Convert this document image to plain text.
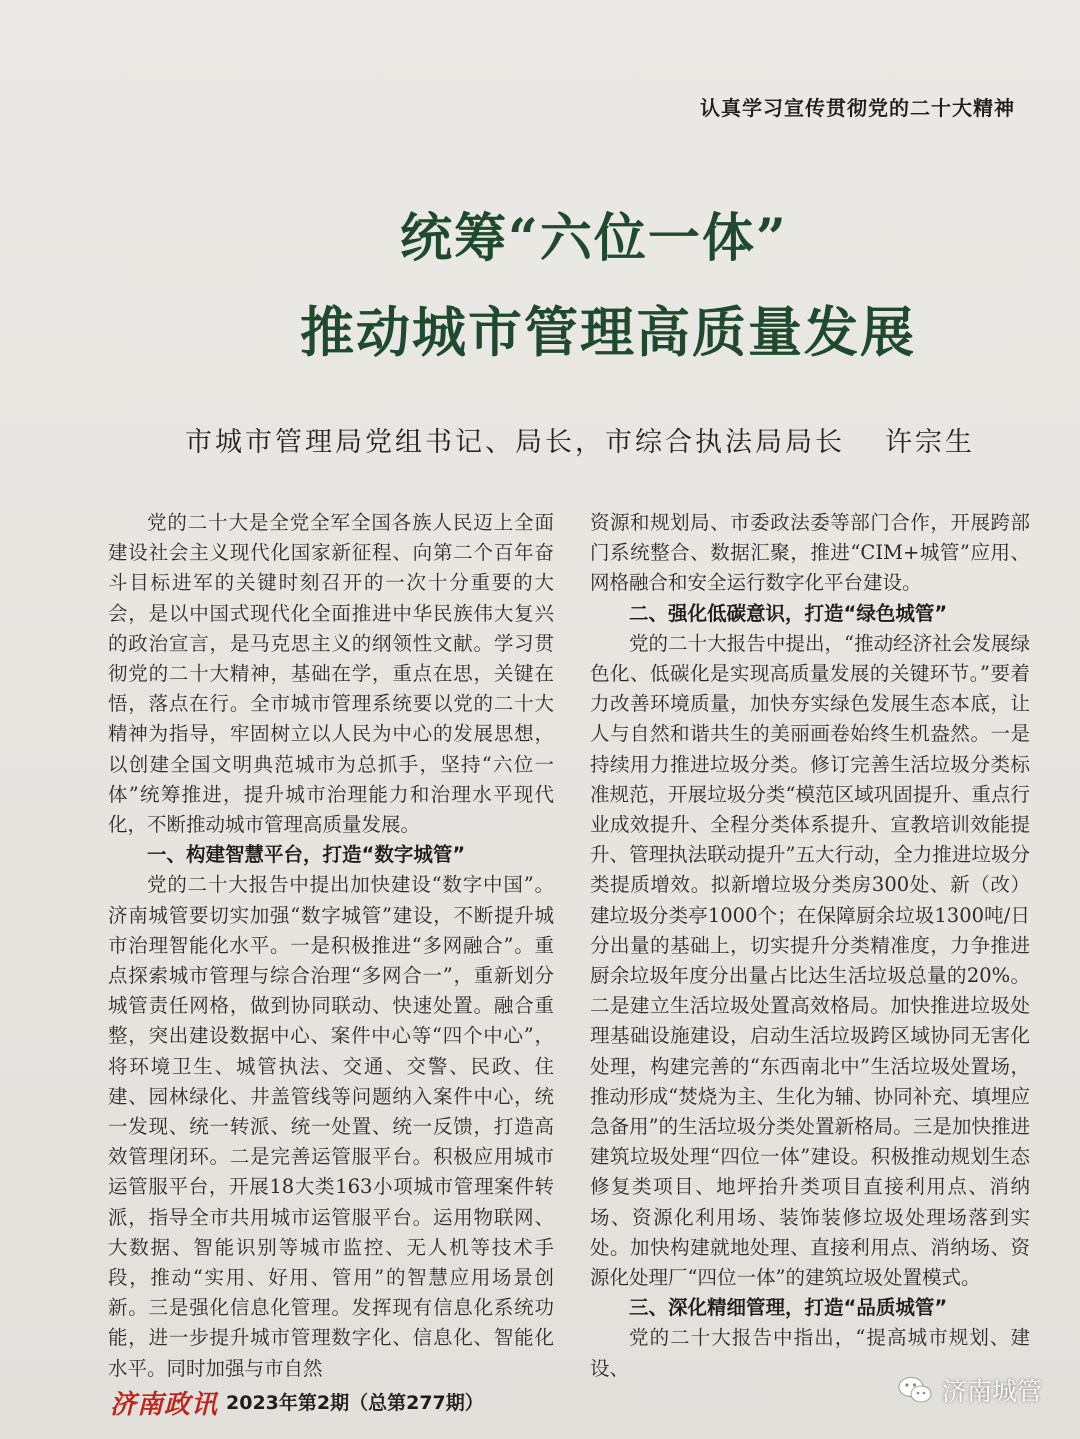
认真学习宣传贯彻党的二十大精神
统筹“六位一体”
推动城市管理高质量发展
市城市管理局党组书记、局长，市综合执法局局长 许宗生

党的二十大是全党全军全国各族人民迈上全面建设社会主义现代化国家新征程、向第二个百年奋斗目标进军的关键时刻召开的一次十分重要的大会，是以中国式现代化全面推进中华民族伟大复兴的政治宣言，是马克思主义的纲领性文献。学习贯彻党的二十大精神，基础在学，重点在思，关键在悟，落点在行。全市城市管理系统要以党的二十大精神为指导，牢固树立以人民为中心的发展思想，以创建全国文明典范城市为总抓手，坚持“六位一体”统筹推进，提升城市治理能力和治理水平现代化，不断推动城市管理高质量发展。

一、构建智慧平台，打造“数字城管”

党的二十大报告中提出加快建设“数字中国”。济南城管要切实加强“数字城管”建设，不断提升城市治理智能化水平。一是积极推进“多网融合”。重点探索城市管理与综合治理“多网合一”，重新划分城管责任网格，做到协同联动、快速处置。融合重整，突出建设数据中心、案件中心等“四个中心”，将环境卫生、城管执法、交通、交警、民政、住建、园林绿化、井盖管线等问题纳入案件中心，统一发现、统一转派、统一处置、统一反馈，打造高效管理闭环。二是完善运管服平台。积极应用城市运管服平台，开展18大类163小项城市管理案件转派，指导全市共用城市运管服平台。运用物联网、大数据、智能识别等城市监控、无人机等技术手段，推动“实用、好用、管用”的智慧应用场景创新。三是强化信息化管理。发挥现有信息化系统功能，进一步提升城市管理数字化、信息化、智能化水平。同时加强与市自然

资源和规划局、市委政法委等部门合作，开展跨部门系统整合、数据汇聚，推进“CIM+城管”应用、网格融合和安全运行数字化平台建设。

二、强化低碳意识，打造“绿色城管”

党的二十大报告中提出，“推动经济社会发展绿色化、低碳化是实现高质量发展的关键环节。”要着力改善环境质量，加快夯实绿色发展生态本底，让人与自然和谐共生的美丽画卷始终生机盎然。一是持续用力推进垃圾分类。修订完善生活垃圾分类标准规范，开展垃圾分类“模范区域巩固提升、重点行业成效提升、全程分类体系提升、宣教培训效能提升、管理执法联动提升”五大行动，全力推进垃圾分类提质增效。拟新增垃圾分类房300处、新（改）建垃圾分类亭1000个；在保障厨余垃圾1300吨/日分出量的基础上，切实提升分类精准度，力争推进厨余垃圾年度分出量占比达生活垃圾总量的20%。二是建立生活垃圾处置高效格局。加快推进垃圾处理基础设施建设，启动生活垃圾跨区域协同无害化处理，构建完善的“东西南北中”生活垃圾处置场，推动形成“焚烧为主、生化为辅、协同补充、填埋应急备用”的生活垃圾分类处置新格局。三是加快推进建筑垃圾处理“四位一体”建设。积极推动规划生态修复类项目、地坪抬升类项目直接利用点、消纳场、资源化利用场、装饰装修垃圾处理场落到实处。加快构建就地处理、直接利用点、消纳场、资源化处理厂“四位一体”的建筑垃圾处置模式。

三、深化精细管理，打造“品质城管”

党的二十大报告中指出，“提高城市规划、建设、

济南政讯 2023年第2期（总第277期）	济南城管
